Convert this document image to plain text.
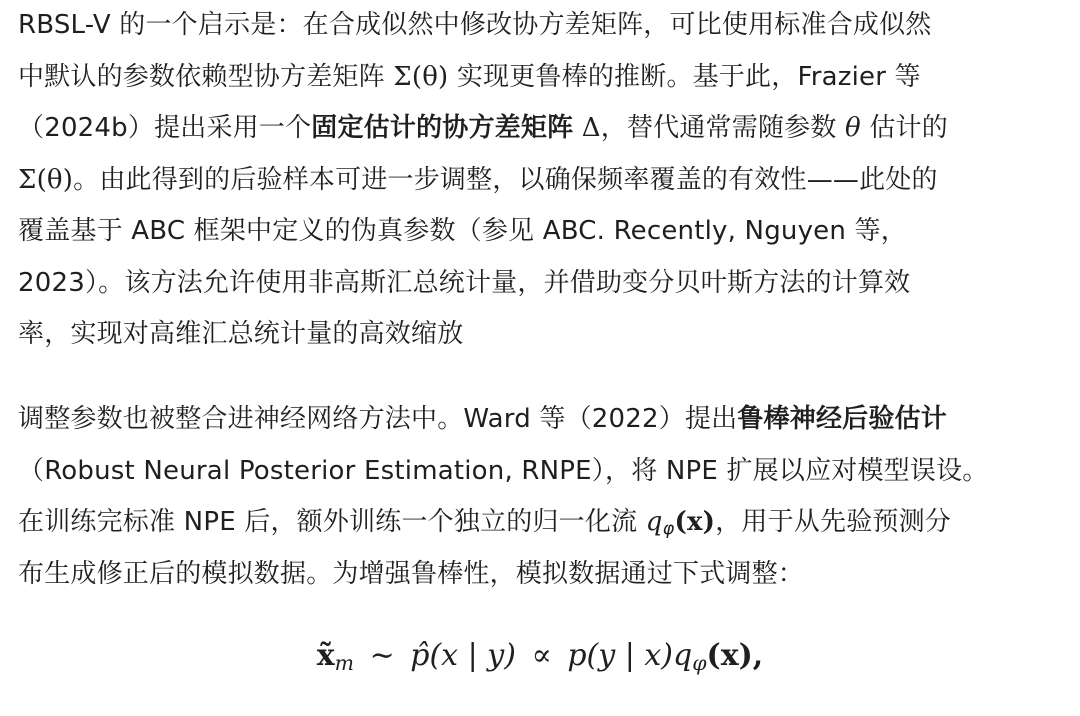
RBSL-V 的一个启示是：在合成似然中修改协方差矩阵，可比使用标准合成似然
中默认的参数依赖型协方差矩阵 Σ(θ) 实现更鲁棒的推断。基于此，Frazier 等
（2024b）提出采用一个固定估计的协方差矩阵 Δ，替代通常需随参数 θ 估计的
Σ(θ)。由此得到的后验样本可进一步调整，以确保频率覆盖的有效性——此处的
覆盖基于 ABC 框架中定义的伪真参数（参见 ABC. Recently, Nguyen 等，
2023）。该方法允许使用非高斯汇总统计量，并借助变分贝叶斯方法的计算效
率，实现对高维汇总统计量的高效缩放
调整参数也被整合进神经网络方法中。Ward 等（2022）提出鲁棒神经后验估计
（Robust Neural Posterior Estimation, RNPE），将 NPE 扩展以应对模型误设。
在训练完标准 NPE 后，额外训练一个独立的归一化流 $q_\varphi(x)$，用于从先验预测分
布生成修正后的模拟数据。为增强鲁棒性，模拟数据通过下式调整：
$x̃_m$ ∼ p̂(x | y) ∝ p(y | $x)q_\varphi(x)$,
